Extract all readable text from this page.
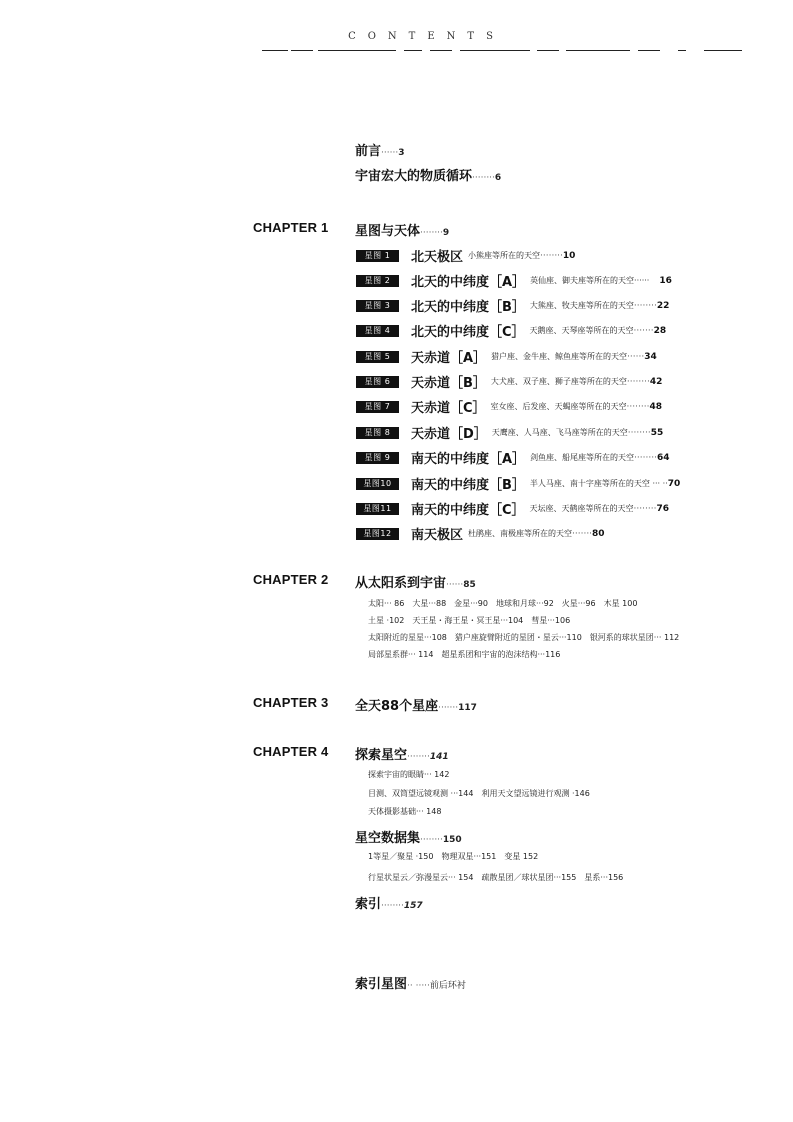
CONTENTS
前言······3
宇宙宏大的物质循环········6
CHAPTER 1 星图与天体········9
星图 1	北天极区 小熊座等所在的天空 ········ 10
星图 2	北天的中纬度［A］ 英仙座、御夫座等所在的天空······ 16
星图 3	北天的中纬度［B］ 大熊座、牧夫座等所在的天空 ········ 22
星图 4	北天的中纬度［C］ 天鹅座、天琴座等所在的天空 ······· 28
星图 5	天赤道［A］ 猎户座、金牛座、鲸鱼座等所在的天空 ······ 34
星图 6	天赤道［B］ 大犬座、双子座、狮子座等所在的天空 ········ 42
星图 7	天赤道［C］ 室女座、后发座、天蝎座等所在的天空 ········ 48
星图 8	天赤道［D］ 天鹰座、人马座、飞马座等所在的天空 ········ 55
星图 9	南天的中纬度［A］ 剑鱼座、船尾座等所在的天空 ········ 64
星图10	南天的中纬度［B］ 半人马座、南十字座等所在的天空 ··· ·· 70
星图11	南天的中纬度［C］ 天坛座、天鹤座等所在的天空 ········ 76
星图12	南天极区 杜鹃座、南极座等所在的天空 ······· 80
CHAPTER 2 从太阳系到宇宙······85
太阳··· 86 大星···88 金星···90 地球和月球···92 火星···96 木星 100
土星 ·102 天王星・海王星・冥王星···104 彗星···106
太阳附近的星星···108 猎户座旋臂附近的星团・星云···110 银河系的球状星团··· 112
局部星系群··· 114 超星系团和宇宙的泡沫结构···116
CHAPTER 3 全天88个星座·······117
CHAPTER 4 探索星空········141
探索宇宙的眼睛··· 142
目测、双筒望远镜观测 ···144 利用天文望远镜进行观测 ·146
天体摄影基础··· 148
星空数据集········150
1等星／聚星 ·150 物理双星···151 变星 152
行星状星云／弥漫星云··· 154 疏散星团／球状星团···155 星系···156
索引········157
索引星图·· ·····前后环衬
